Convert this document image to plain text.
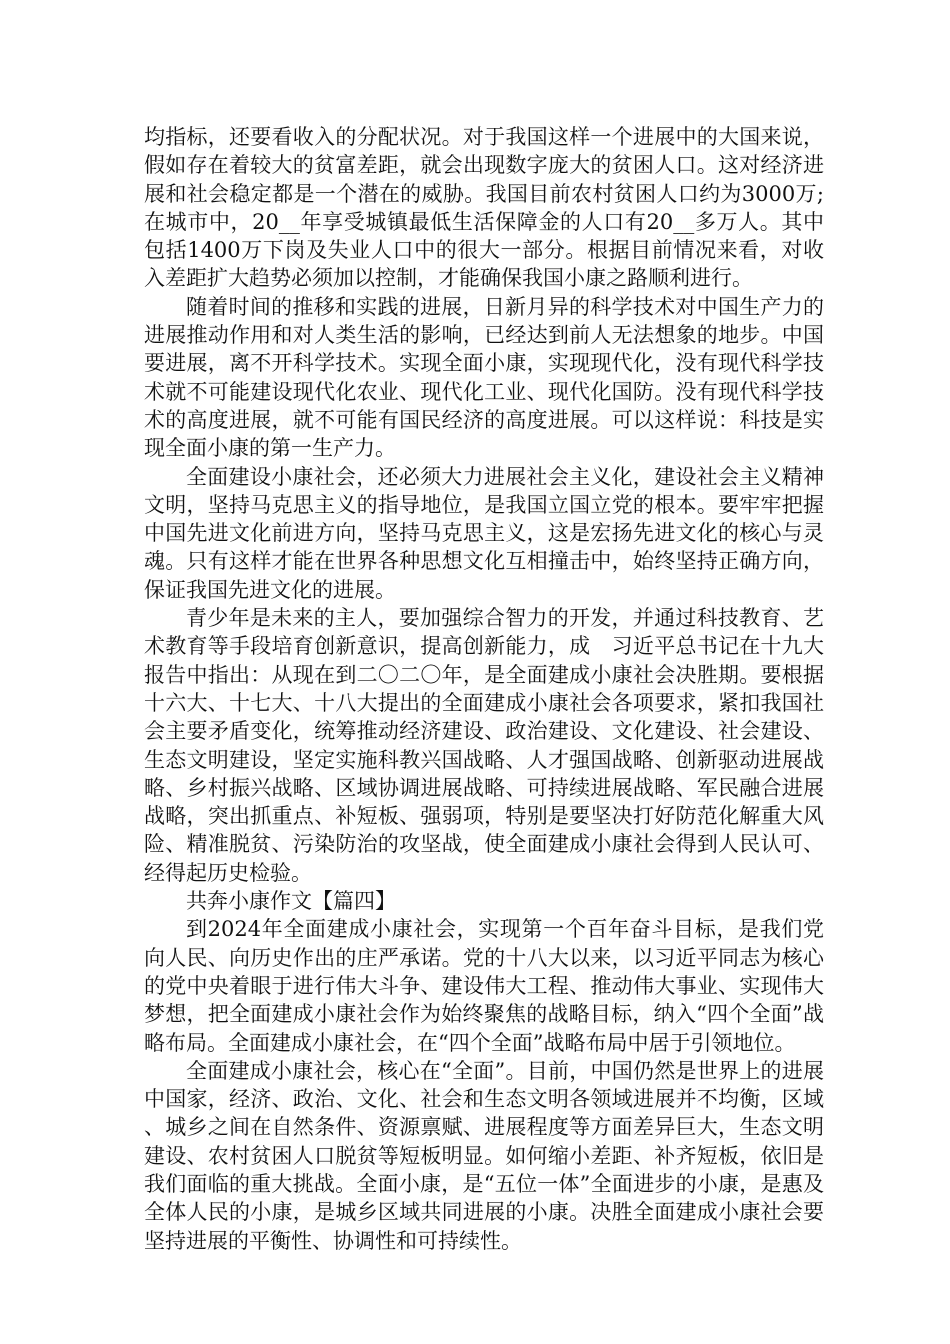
均指标，还要看收入的分配状况。对于我国这样一个进展中的大国来说，假如存在着较大的贫富差距，就会出现数字庞大的贫困人口。这对经济进展和社会稳定都是一个潜在的威胁。我国目前农村贫困人口约为3000万;在城市中，20__年享受城镇最低生活保障金的人口有20__多万人。其中包括1400万下岗及失业人口中的很大一部分。根据目前情况来看，对收入差距扩大趋势必须加以控制，才能确保我国小康之路顺利进行。

随着时间的推移和实践的进展，日新月异的科学技术对中国生产力的进展推动作用和对人类生活的影响，已经达到前人无法想象的地步。中国要进展，离不开科学技术。实现全面小康，实现现代化，没有现代科学技术就不可能建设现代化农业、现代化工业、现代化国防。没有现代科学技术的高度进展，就不可能有国民经济的高度进展。可以这样说：科技是实现全面小康的第一生产力。

全面建设小康社会，还必须大力进展社会主义化，建设社会主义精神文明，坚持马克思主义的指导地位，是我国立国立党的根本。要牢牢把握中国先进文化前进方向，坚持马克思主义，这是宏扬先进文化的核心与灵魂。只有这样才能在世界各种思想文化互相撞击中，始终坚持正确方向，保证我国先进文化的进展。

青少年是未来的主人，要加强综合智力的开发，并通过科技教育、艺术教育等手段培育创新意识，提高创新能力，成　习近平总书记在十九大报告中指出：从现在到二〇二〇年，是全面建成小康社会决胜期。要根据十六大、十七大、十八大提出的全面建成小康社会各项要求，紧扣我国社会主要矛盾变化，统筹推动经济建设、政治建设、文化建设、社会建设、生态文明建设，坚定实施科教兴国战略、人才强国战略、创新驱动进展战略、乡村振兴战略、区域协调进展战略、可持续进展战略、军民融合进展战略，突出抓重点、补短板、强弱项，特别是要坚决打好防范化解重大风险、精准脱贫、污染防治的攻坚战，使全面建成小康社会得到人民认可、经得起历史检验。

共奔小康作文【篇四】

到2024年全面建成小康社会，实现第一个百年奋斗目标，是我们党向人民、向历史作出的庄严承诺。党的十八大以来，以习近平同志为核心的党中央着眼于进行伟大斗争、建设伟大工程、推动伟大事业、实现伟大梦想，把全面建成小康社会作为始终聚焦的战略目标，纳入“四个全面”战略布局。全面建成小康社会，在“四个全面”战略布局中居于引领地位。

全面建成小康社会，核心在“全面”。目前，中国仍然是世界上的进展中国家，经济、政治、文化、社会和生态文明各领域进展并不均衡，区域、城乡之间在自然条件、资源禀赋、进展程度等方面差异巨大，生态文明建设、农村贫困人口脱贫等短板明显。如何缩小差距、补齐短板，依旧是我们面临的重大挑战。全面小康，是“五位一体”全面进步的小康，是惠及全体人民的小康，是城乡区域共同进展的小康。决胜全面建成小康社会要坚持进展的平衡性、协调性和可持续性。
